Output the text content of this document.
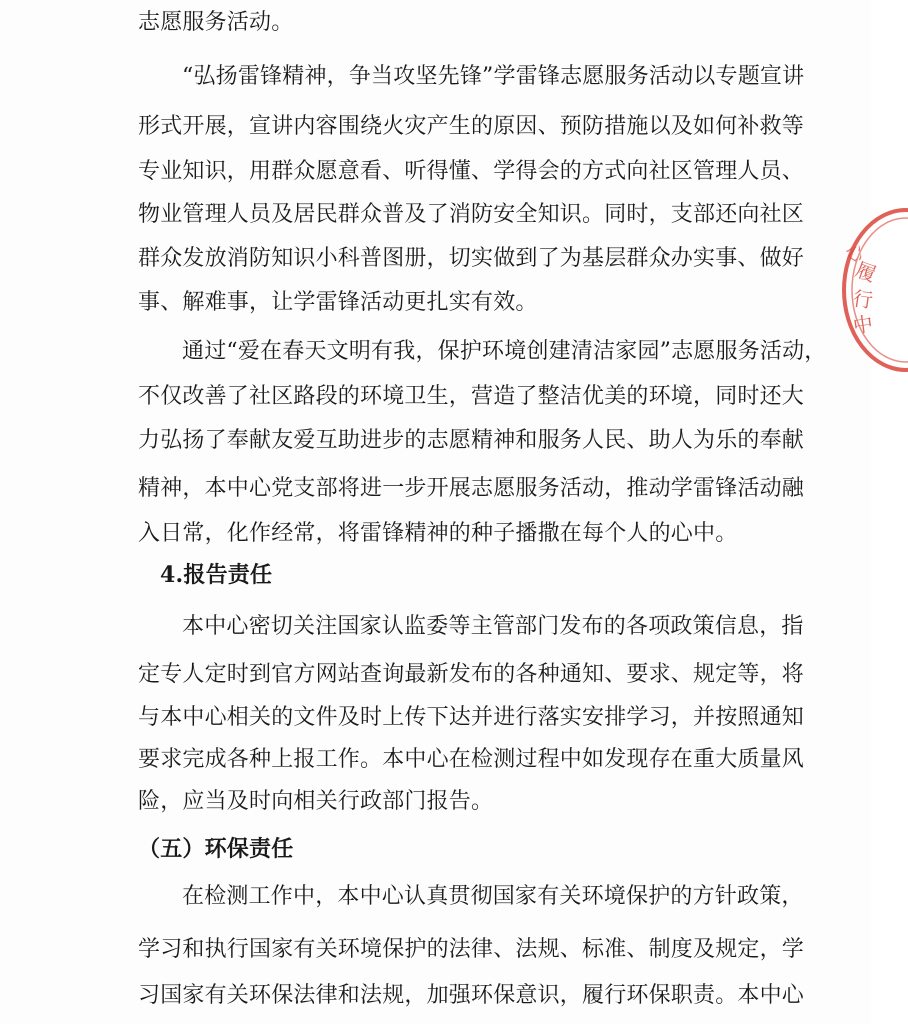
志愿服务活动。
“弘扬雷锋精神，争当攻坚先锋”学雷锋志愿服务活动以专题宣讲
形式开展，宣讲内容围绕火灾产生的原因、预防措施以及如何补救等
专业知识，用群众愿意看、听得懂、学得会的方式向社区管理人员、
物业管理人员及居民群众普及了消防安全知识。同时，支部还向社区
群众发放消防知识小科普图册，切实做到了为基层群众办实事、做好
事、解难事，让学雷锋活动更扎实有效。
通过“爱在春天文明有我，保护环境创建清洁家园”志愿服务活动，
不仅改善了社区路段的环境卫生，营造了整洁优美的环境，同时还大
力弘扬了奉献友爱互助进步的志愿精神和服务人民、助人为乐的奉献
精神，本中心党支部将进一步开展志愿服务活动，推动学雷锋活动融
入日常，化作经常，将雷锋精神的种子播撒在每个人的心中。
4.报告责任
本中心密切关注国家认监委等主管部门发布的各项政策信息，指
定专人定时到官方网站查询最新发布的各种通知、要求、规定等，将
与本中心相关的文件及时上传下达并进行落实安排学习，并按照通知
要求完成各种上报工作。本中心在检测过程中如发现存在重大质量风
险，应当及时向相关行政部门报告。
（五）环保责任
在检测工作中，本中心认真贯彻国家有关环境保护的方针政策，
学习和执行国家有关环境保护的法律、法规、标准、制度及规定，学
习国家有关环保法律和法规，加强环保意识，履行环保职责。本中心
履
行
中
心
